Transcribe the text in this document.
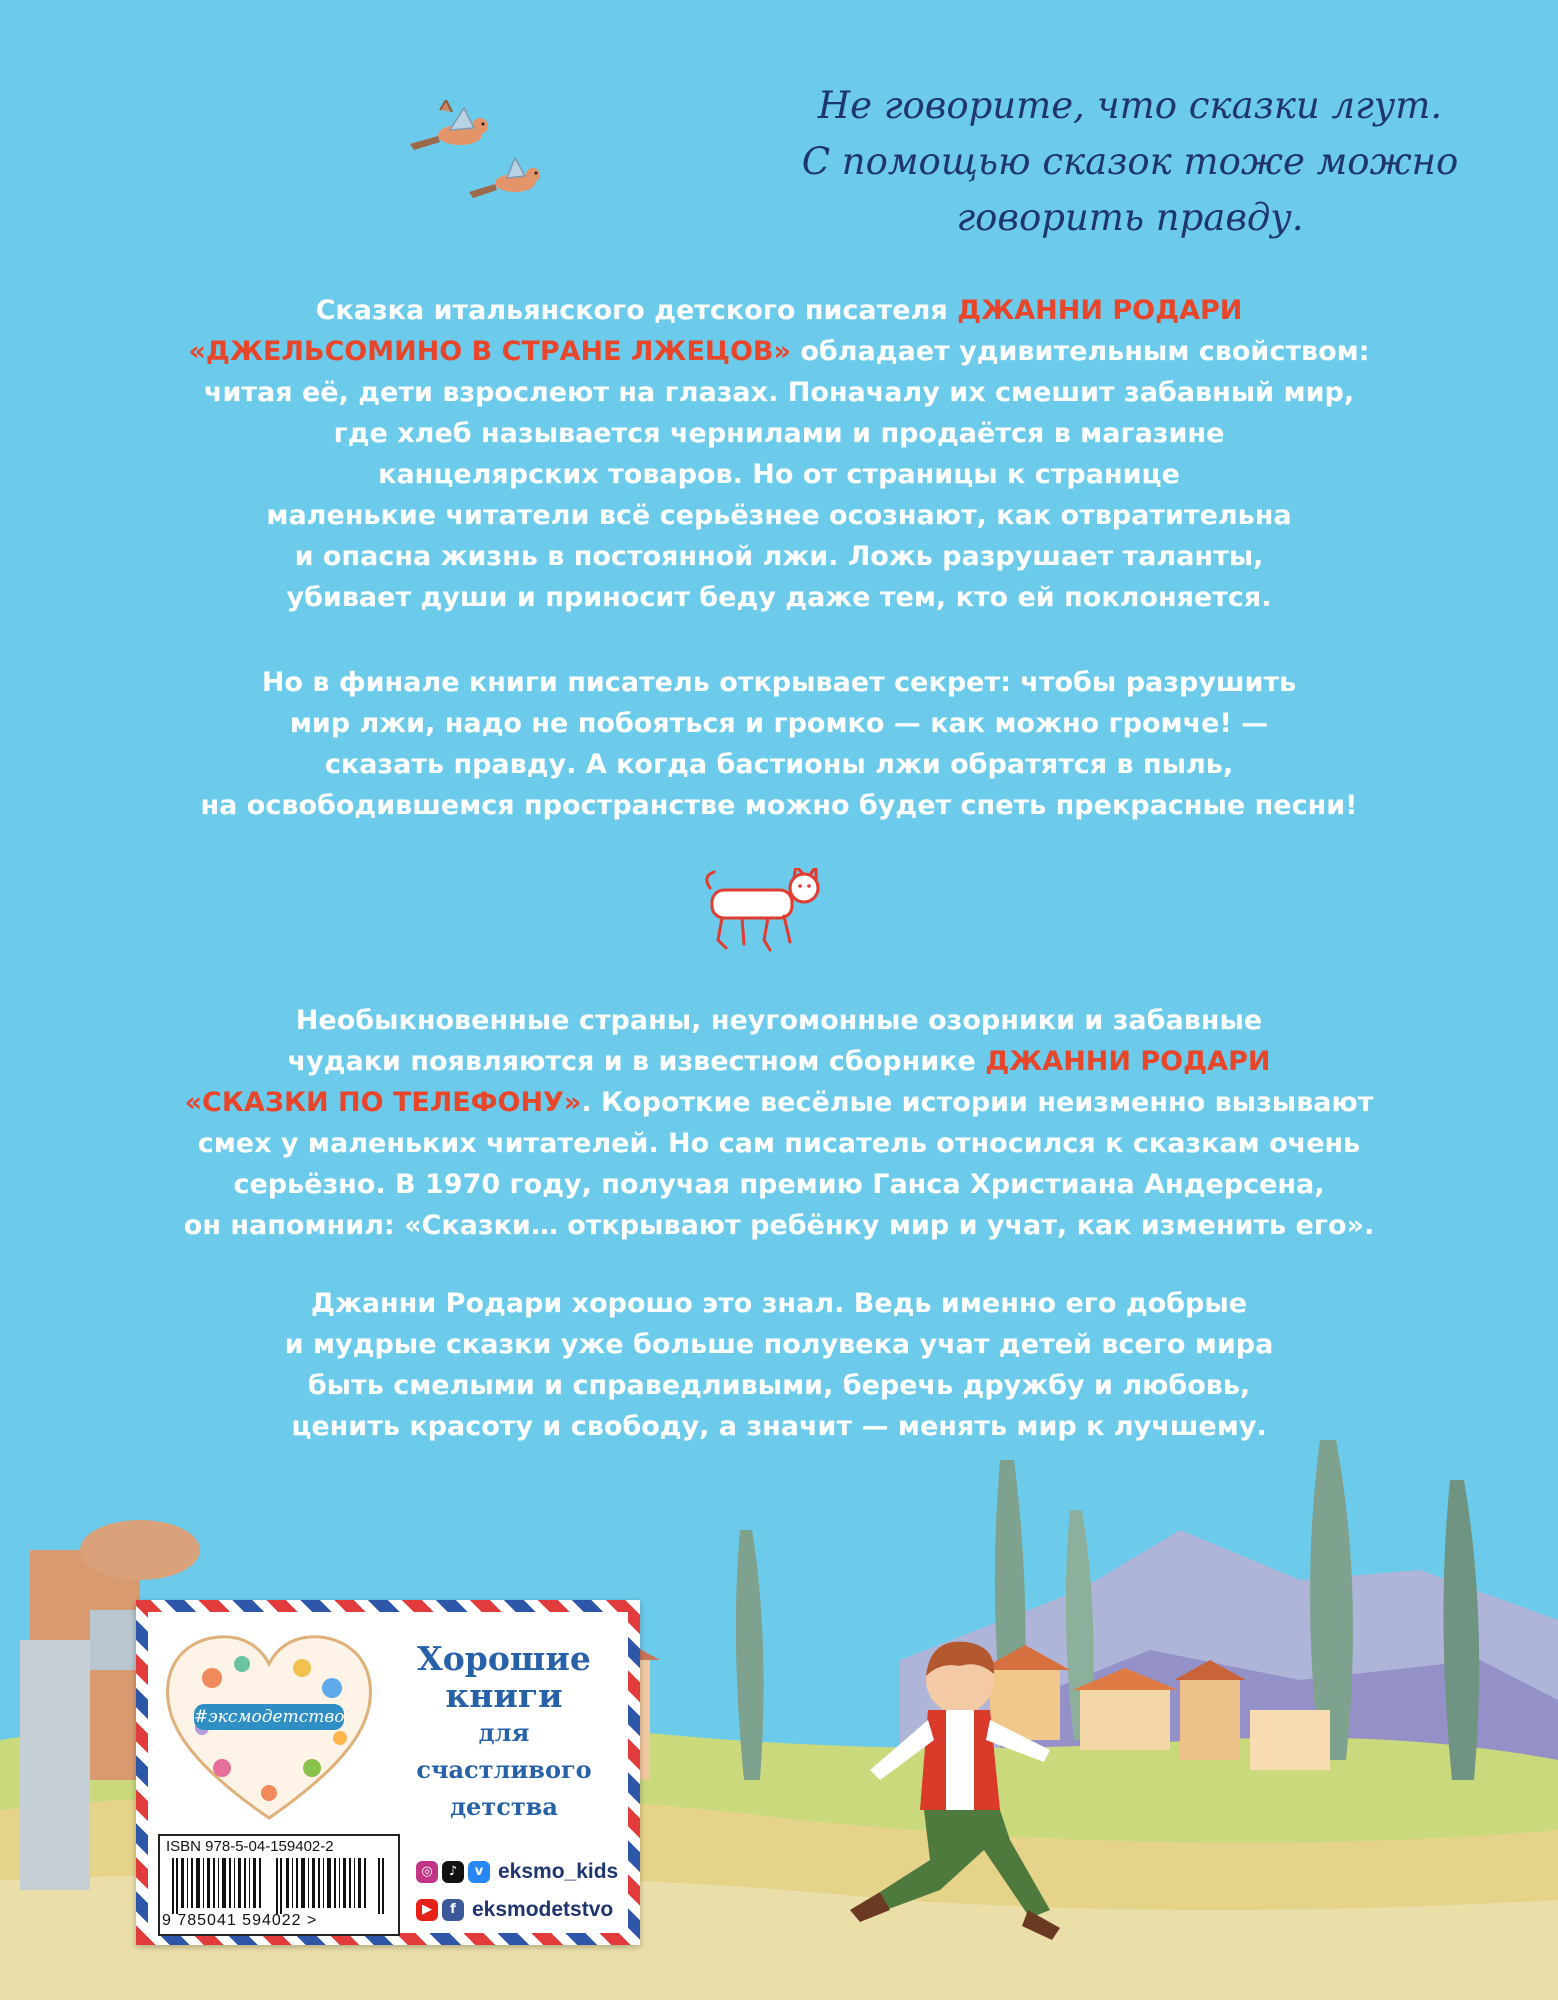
Не говорите, что сказки лгут.
С помощью сказок тоже можно
говорить правду.

Сказка итальянского детского писателя ДЖАННИ РОДАРИ
«ДЖЕЛЬСОМИНО В СТРАНЕ ЛЖЕЦОВ» обладает удивительным свойством:
читая её, дети взрослеют на глазах. Поначалу их смешит забавный мир,
где хлеб называется чернилами и продаётся в магазине
канцелярских товаров. Но от страницы к странице
маленькие читатели всё серьёзнее осознают, как отвратительна
и опасна жизнь в постоянной лжи. Ложь разрушает таланты,
убивает души и приносит беду даже тем, кто ей поклоняется.

Но в финале книги писатель открывает секрет: чтобы разрушить
мир лжи, надо не побояться и громко — как можно громче! —
сказать правду. А когда бастионы лжи обратятся в пыль,
на освободившемся пространстве можно будет спеть прекрасные песни!

Необыкновенные страны, неугомонные озорники и забавные
чудаки появляются и в известном сборнике ДЖАННИ РОДАРИ
«СКАЗКИ ПО ТЕЛЕФОНУ». Короткие весёлые истории неизменно вызывают
смех у маленьких читателей. Но сам писатель относился к сказкам очень
серьёзно. В 1970 году, получая премию Ганса Христиана Андерсена,
он напомнил: «Сказки… открывают ребёнку мир и учат, как изменить его».

Джанни Родари хорошо это знал. Ведь именно его добрые
и мудрые сказки уже больше полувека учат детей всего мира
быть смелыми и справедливыми, беречь дружбу и любовь,
ценить красоту и свободу, а значит — менять мир к лучшему.

#эксмодетство
Хорошие
книги
для счастливого
детства
ISBN 978-5-04-159402-2
9 785041 594022 >
◎	♪	v eksmo_kids
▶	f eksmodetstvo
